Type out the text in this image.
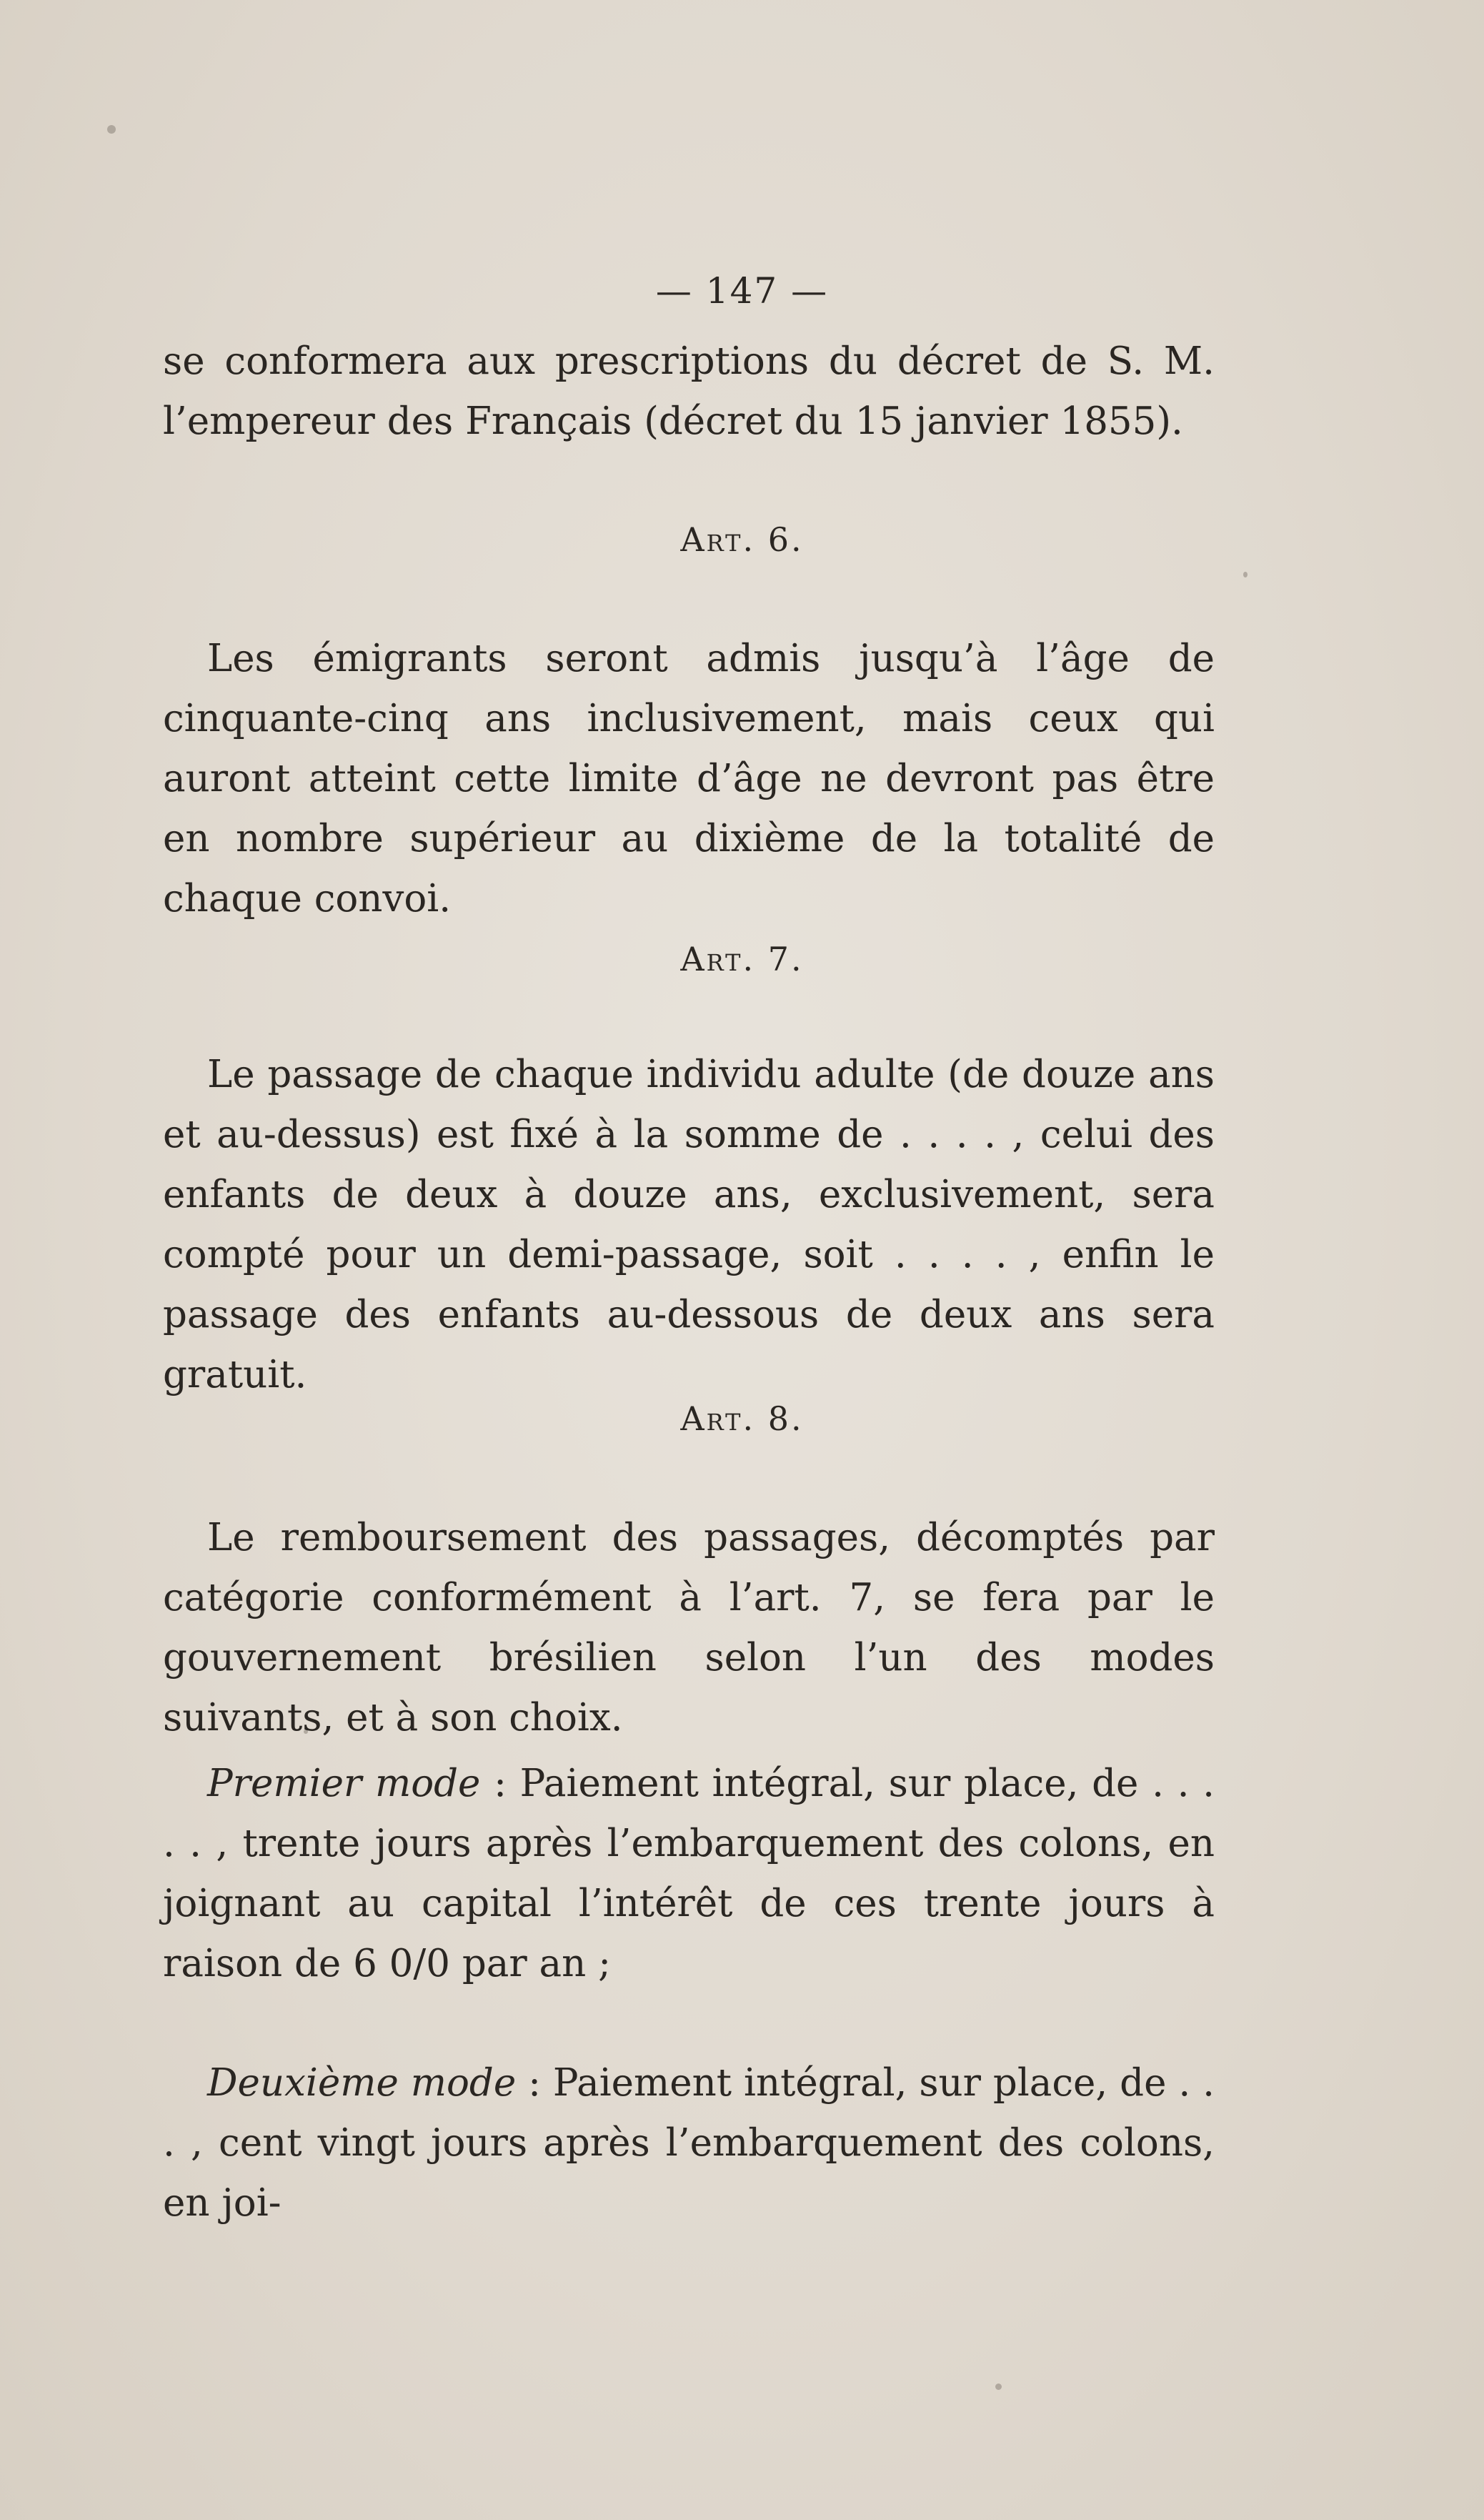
— 147 —
se conformera aux prescriptions du décret de S. M. l’empereur des Français (décret du 15 janvier 1855).
Art. 6.
Les émigrants seront admis jusqu’à l’âge de cinquante-cinq ans inclusivement, mais ceux qui auront atteint cette limite d’âge ne devront pas être en nombre supérieur au dixième de la totalité de chaque convoi.
Art. 7.
Le passage de chaque individu adulte (de douze ans et au-dessus) est fixé à la somme de . . . . , celui des enfants de deux à douze ans, exclusivement, sera compté pour un demi-passage, soit . . . . , enfin le passage des enfants au-dessous de deux ans sera gratuit.
Art. 8.
Le remboursement des passages, décomptés par catégorie conformément à l’art. 7, se fera par le gouvernement brésilien selon l’un des modes suivants, et à son choix.
Premier mode : Paiement intégral, sur place, de . . . . . , trente jours après l’embarquement des colons, en joignant au capital l’intérêt de ces trente jours à raison de 6 0/0 par an ;
Deuxième mode : Paiement intégral, sur place, de . . . , cent vingt jours après l’embarquement des colons, en joi-
